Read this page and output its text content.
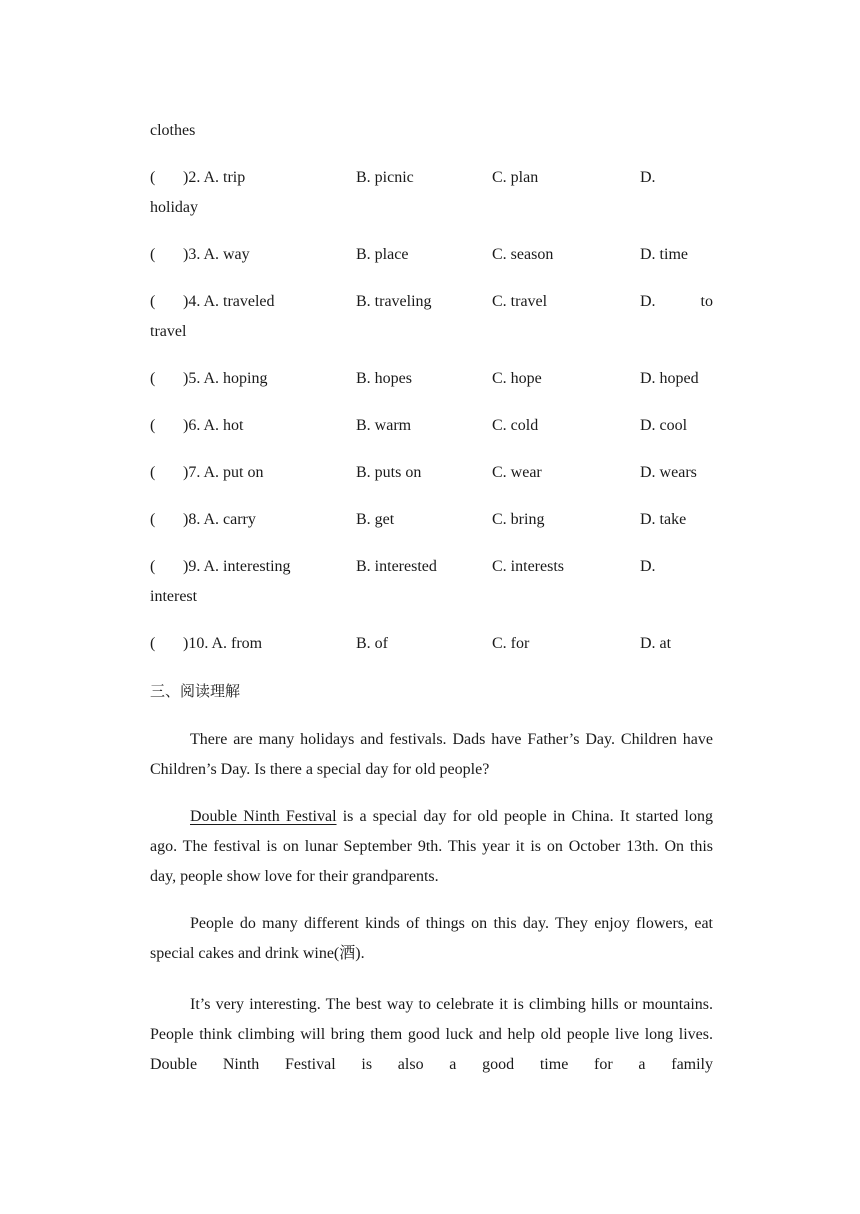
clothes
( )2. A. trip	B. picnic	C. plan	D.
holiday
( )3. A. way	B. place	C. season	D. time
( )4. A. traveled	B. traveling	C. travel	D.	to
travel
( )5. A. hoping	B. hopes	C. hope	D. hoped
( )6. A. hot	B. warm	C. cold	D. cool
( )7. A. put on	B. puts on	C. wear	D. wears
( )8. A. carry	B. get	C. bring	D. take
( )9. A. interesting	B. interested	C. interests	D.
interest
( )10. A. from	B. of	C. for	D. at
三、阅读理解
There are many holidays and festivals. Dads have Father’s Day. Children have Children’s Day. Is there a special day for old people?
Double Ninth Festival is a special day for old people in China. It started long ago. The festival is on lunar September 9th. This year it is on October 13th. On this day, people show love for their grandparents.
People do many different kinds of things on this day. They enjoy flowers, eat special cakes and drink wine(酒).
It’s very interesting. The best way to celebrate it is climbing hills or mountains. People think climbing will bring them good luck and help old people live long lives. Double Ninth Festival is also a good time for a family
